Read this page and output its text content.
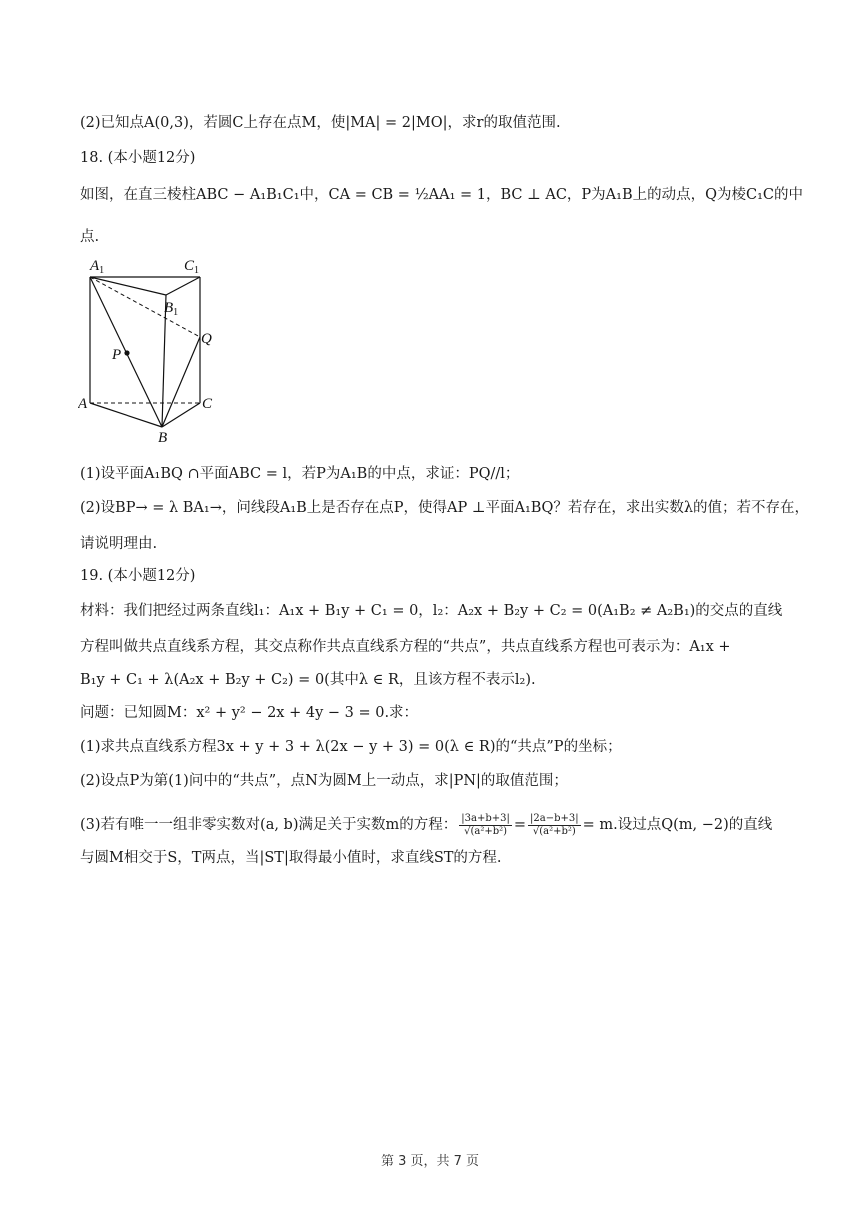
(2)已知点A(0,3)，若圆C上存在点M，使|MA| = 2|MO|，求r的取值范围.
18. (本小题12分)
如图，在直三棱柱ABC − A₁B₁C₁中，CA = CB = ½AA₁ = 1，BC ⊥ AC，P为A₁B上的动点，Q为棱C₁C的中
点.
$A_1$	$C_1$
$B_1$
Q
P
A	C
B
(1)设平面A₁BQ ∩平面ABC = l，若P为A₁B的中点，求证：PQ//l；
(2)设BP→ = λ BA₁→，问线段A₁B上是否存在点P，使得AP ⊥平面A₁BQ？若存在，求出实数λ的值；若不存在，
请说明理由.
19. (本小题12分)
材料：我们把经过两条直线l₁：A₁x + B₁y + C₁ = 0，l₂：A₂x + B₂y + C₂ = 0(A₁B₂ ≠ A₂B₁)的交点的直线
方程叫做共点直线系方程，其交点称作共点直线系方程的“共点”，共点直线系方程也可表示为：A₁x +
B₁y + C₁ + λ(A₂x + B₂y + C₂) = 0(其中λ ∈ R，且该方程不表示l₂).
问题：已知圆M：x² + y² − 2x + 4y − 3 = 0.求：
(1)求共点直线系方程3x + y + 3 + λ(2x − y + 3) = 0(λ ∈ R)的“共点”P的坐标；
(2)设点P为第(1)问中的“共点”，点N为圆M上一动点，求|PN|的取值范围；
(3)若有唯一一组非零实数对(a, b)满足关于实数m的方程： $\frac{|3a+b+3|}{\text{√(a²+b²)}} = \frac{|2a-b+3|}{\text{√(a²+b²)}} = m$.设过点Q(m, −2)的直线
与圆M相交于S，T两点，当|ST|取得最小值时，求直线ST的方程.
第 3 页，共 7 页
